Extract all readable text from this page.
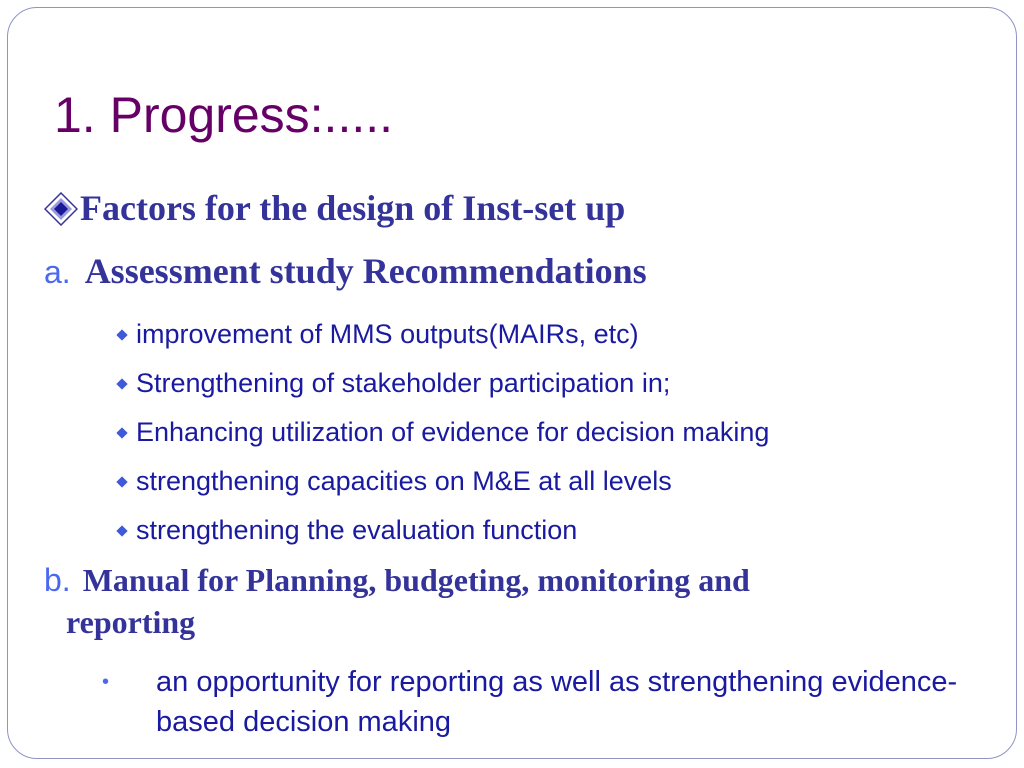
1. Progress:.....
Factors for the design of Inst-set up
a. Assessment study Recommendations
improvement of MMS outputs(MAIRs, etc)
Strengthening of stakeholder participation in;
Enhancing utilization of evidence for decision making
strengthening capacities on M&E at all levels
strengthening the evaluation function
b. Manual for Planning, budgeting, monitoring and
reporting
•	an opportunity for reporting as well as strengthening evidence-based decision making
